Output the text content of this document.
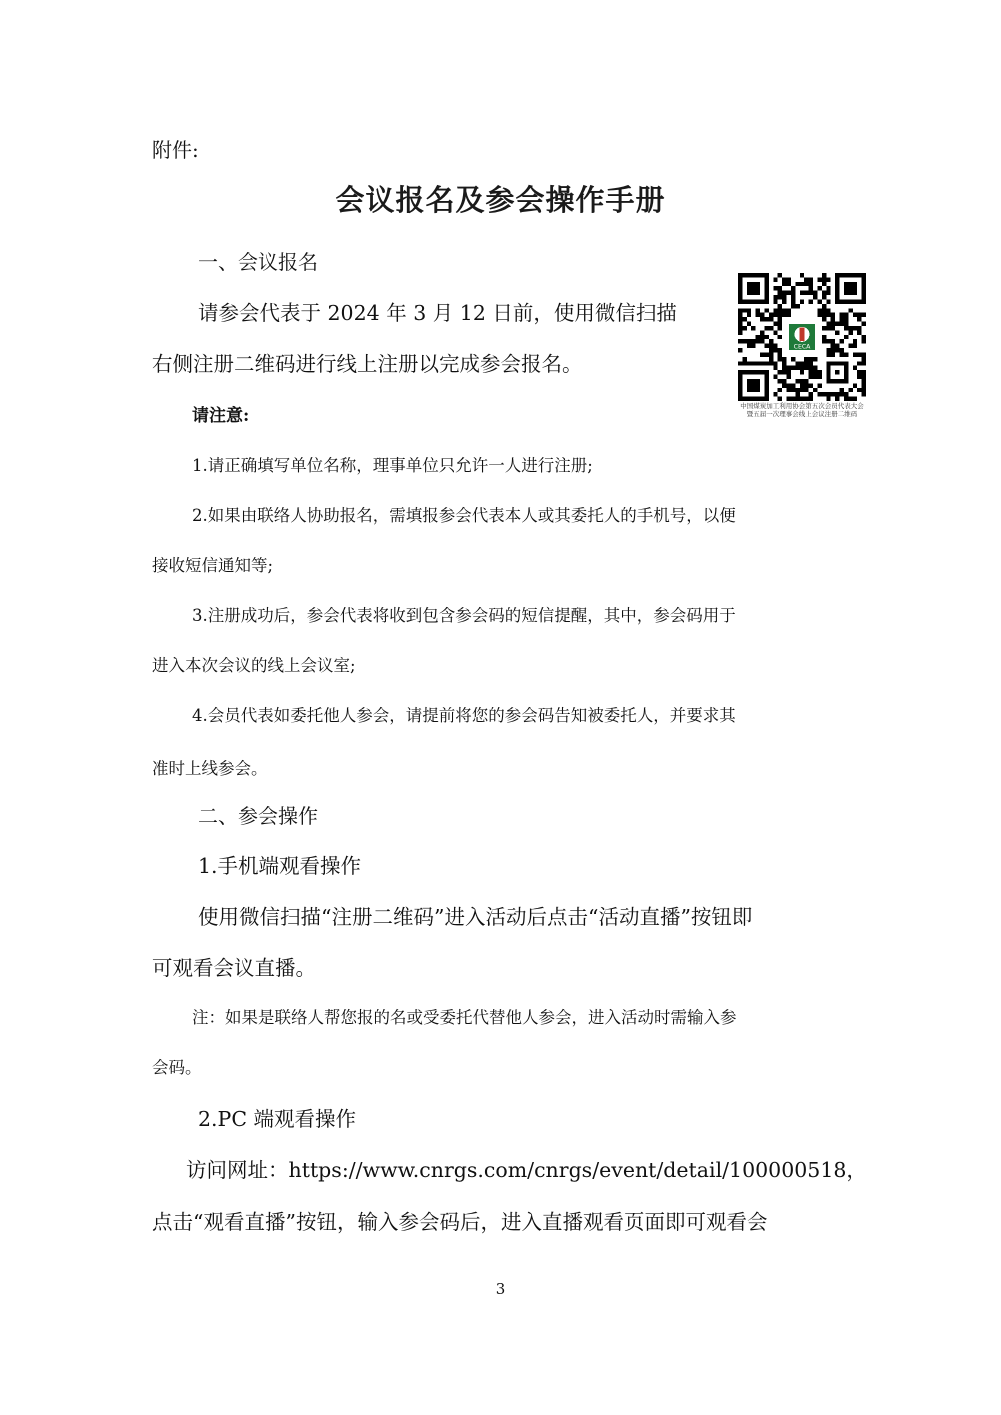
附件:
会议报名及参会操作手册
一、会议报名
请参会代表于 2024 年 3 月 12 日前，使用微信扫描
右侧注册二维码进行线上注册以完成参会报名。
请注意:
1.请正确填写单位名称，理事单位只允许一人进行注册;
2.如果由联络人协助报名，需填报参会代表本人或其委托人的手机号，以便
接收短信通知等;
3.注册成功后，参会代表将收到包含参会码的短信提醒，其中，参会码用于
进入本次会议的线上会议室;
4.会员代表如委托他人参会，请提前将您的参会码告知被委托人，并要求其
准时上线参会。
CECA
中国煤炭加工利用协会第五次会员代表大会暨五届一次理事会线上会议注册二维码
二、参会操作
1.手机端观看操作
使用微信扫描“注册二维码”进入活动后点击“活动直播”按钮即
可观看会议直播。
注：如果是联络人帮您报的名或受委托代替他人参会，进入活动时需输入参
会码。
2.PC 端观看操作
访问网址：https://www.cnrgs.com/cnrgs/event/detail/100000518，
点击“观看直播”按钮，输入参会码后，进入直播观看页面即可观看会
3
